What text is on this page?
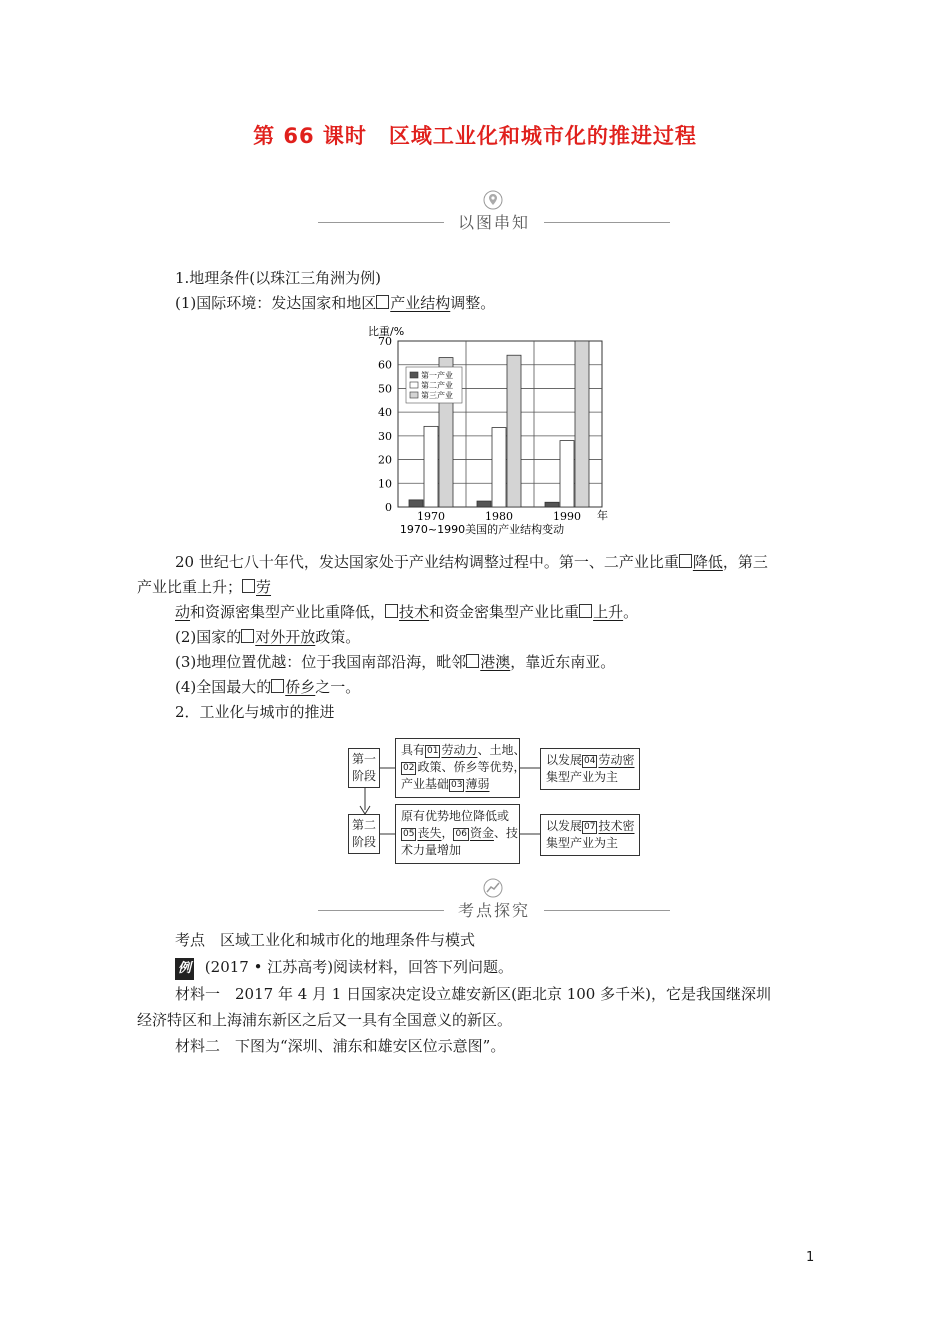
第 66 课时　区域工业化和城市化的推进过程
以图串知
1.地理条件(以珠江三角洲为例)
(1)国际环境：发达国家和地区 产业结构调整。
比重/%
0
10
20
30
40
50
60
70
1970	1980	1990
第一产业
第二产业
第三产业
年
1970~1990美国的产业结构变动
20 世纪七八十年代，发达国家处于产业结构调整过程中。第一、二产业比重 降低，第三
产业比重上升； 劳
动和资源密集型产业比重降低， 技术和资金密集型产业比重 上升。
(2)国家的 对外开放政策。
(3)地理位置优越：位于我国南部沿海，毗邻 港澳，靠近东南亚。
(4)全国最大的 侨乡之一。
2．工业化与城市的推进
第一
阶段
具有 01 劳动力、土地、
02 政策、侨乡等优势，
产业基础 03 薄弱
以发展 04 劳动密
集型产业为主
第二
阶段
原有优势地位降低或
05 丧失， 06 资金、技
术力量增加
以发展 07 技术密
集型产业为主
考点探究
考点　区域工业化和城市化的地理条件与模式
例 (2017 • 江苏高考)阅读材料，回答下列问题。
材料一　2017 年 4 月 1 日国家决定设立雄安新区(距北京 100 多千米)，它是我国继深圳
经济特区和上海浦东新区之后又一具有全国意义的新区。
材料二　下图为“深圳、浦东和雄安区位示意图”。
1
